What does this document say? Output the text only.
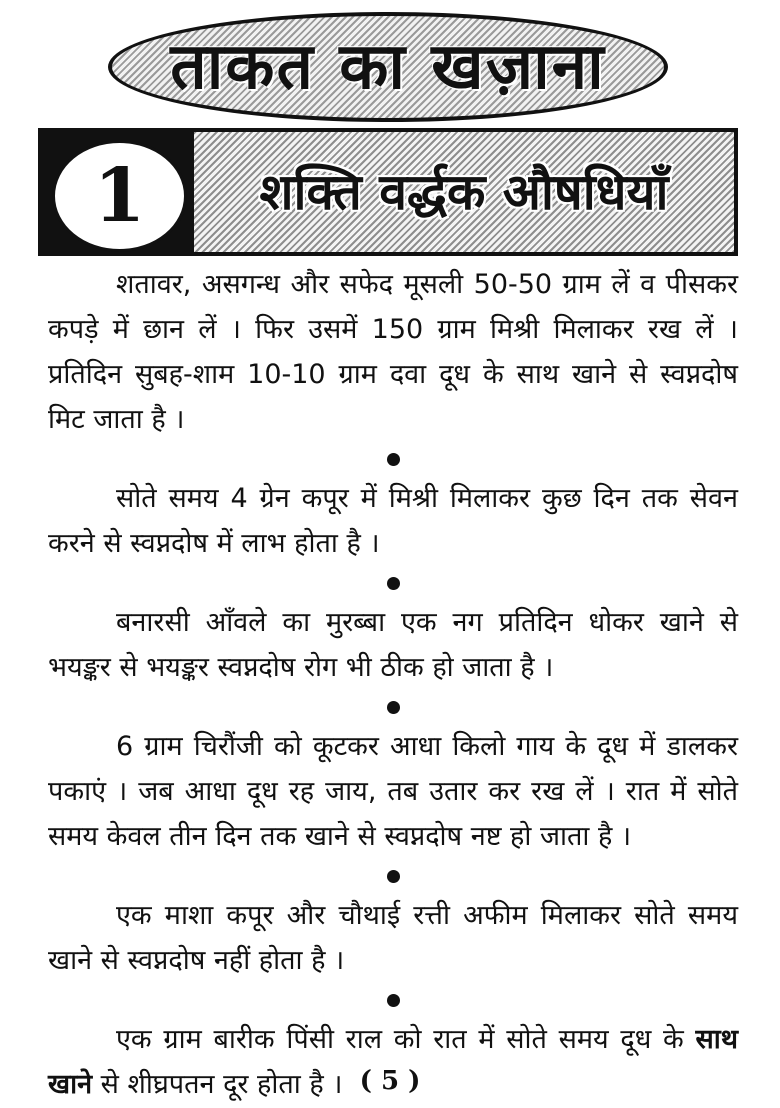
ताकत का खज़ाना
1 शक्ति वर्द्धक औषधियाँ

शतावर, असगन्ध और सफेद मूसली 50-50 ग्राम लें व पीसकर कपड़े में छान लें । फिर उसमें 150 ग्राम मिश्री मिलाकर रख लें । प्रतिदिन सुबह-शाम 10-10 ग्राम दवा दूध के साथ खाने से स्वप्नदोष मिट जाता है ।

सोते समय 4 ग्रेन कपूर में मिश्री मिलाकर कुछ दिन तक सेवन करने से स्वप्नदोष में लाभ होता है ।

बनारसी आँवले का मुरब्बा एक नग प्रतिदिन धोकर खाने से भयङ्कर से भयङ्कर स्वप्नदोष रोग भी ठीक हो जाता है ।

6 ग्राम चिरौंजी को कूटकर आधा किलो गाय के दूध में डालकर पकाएं । जब आधा दूध रह जाय, तब उतार कर रख लें । रात में सोते समय केवल तीन दिन तक खाने से स्वप्नदोष नष्ट हो जाता है ।

एक माशा कपूर और चौथाई रत्ती अफीम मिलाकर सोते समय खाने से स्वप्नदोष नहीं होता है ।

एक ग्राम बारीक पिंसी राल को रात में सोते समय दूध के साथ खाने से शीघ्रपतन दूर होता है । ( 5 )
